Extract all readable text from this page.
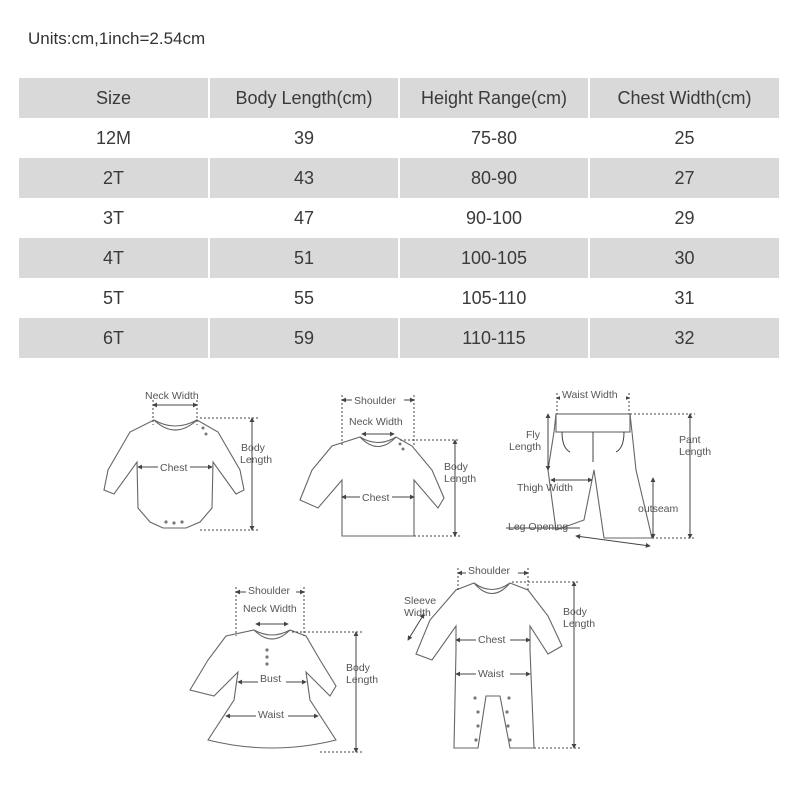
Units:cm,1inch=2.54cm
Size	Body Length(cm)	Height Range(cm)	Chest Width(cm)
12M	39	75-80	25
2T	43	80-90	27
3T	47	90-100	29
4T	51	100-105	30
5T	55	105-110	31
6T	59	110-115	32
Neck Width
Chest
Body
Length
Shoulder
Neck Width
Chest
Body
Length
Waist Width
Fly
Length
Pant
Length
Thigh Width
outseam
Leg Opening
Shoulder
Neck Width
Bust
Waist
Body
Length
Shoulder
Sleeve
Width
Chest
Waist
Body
Length
